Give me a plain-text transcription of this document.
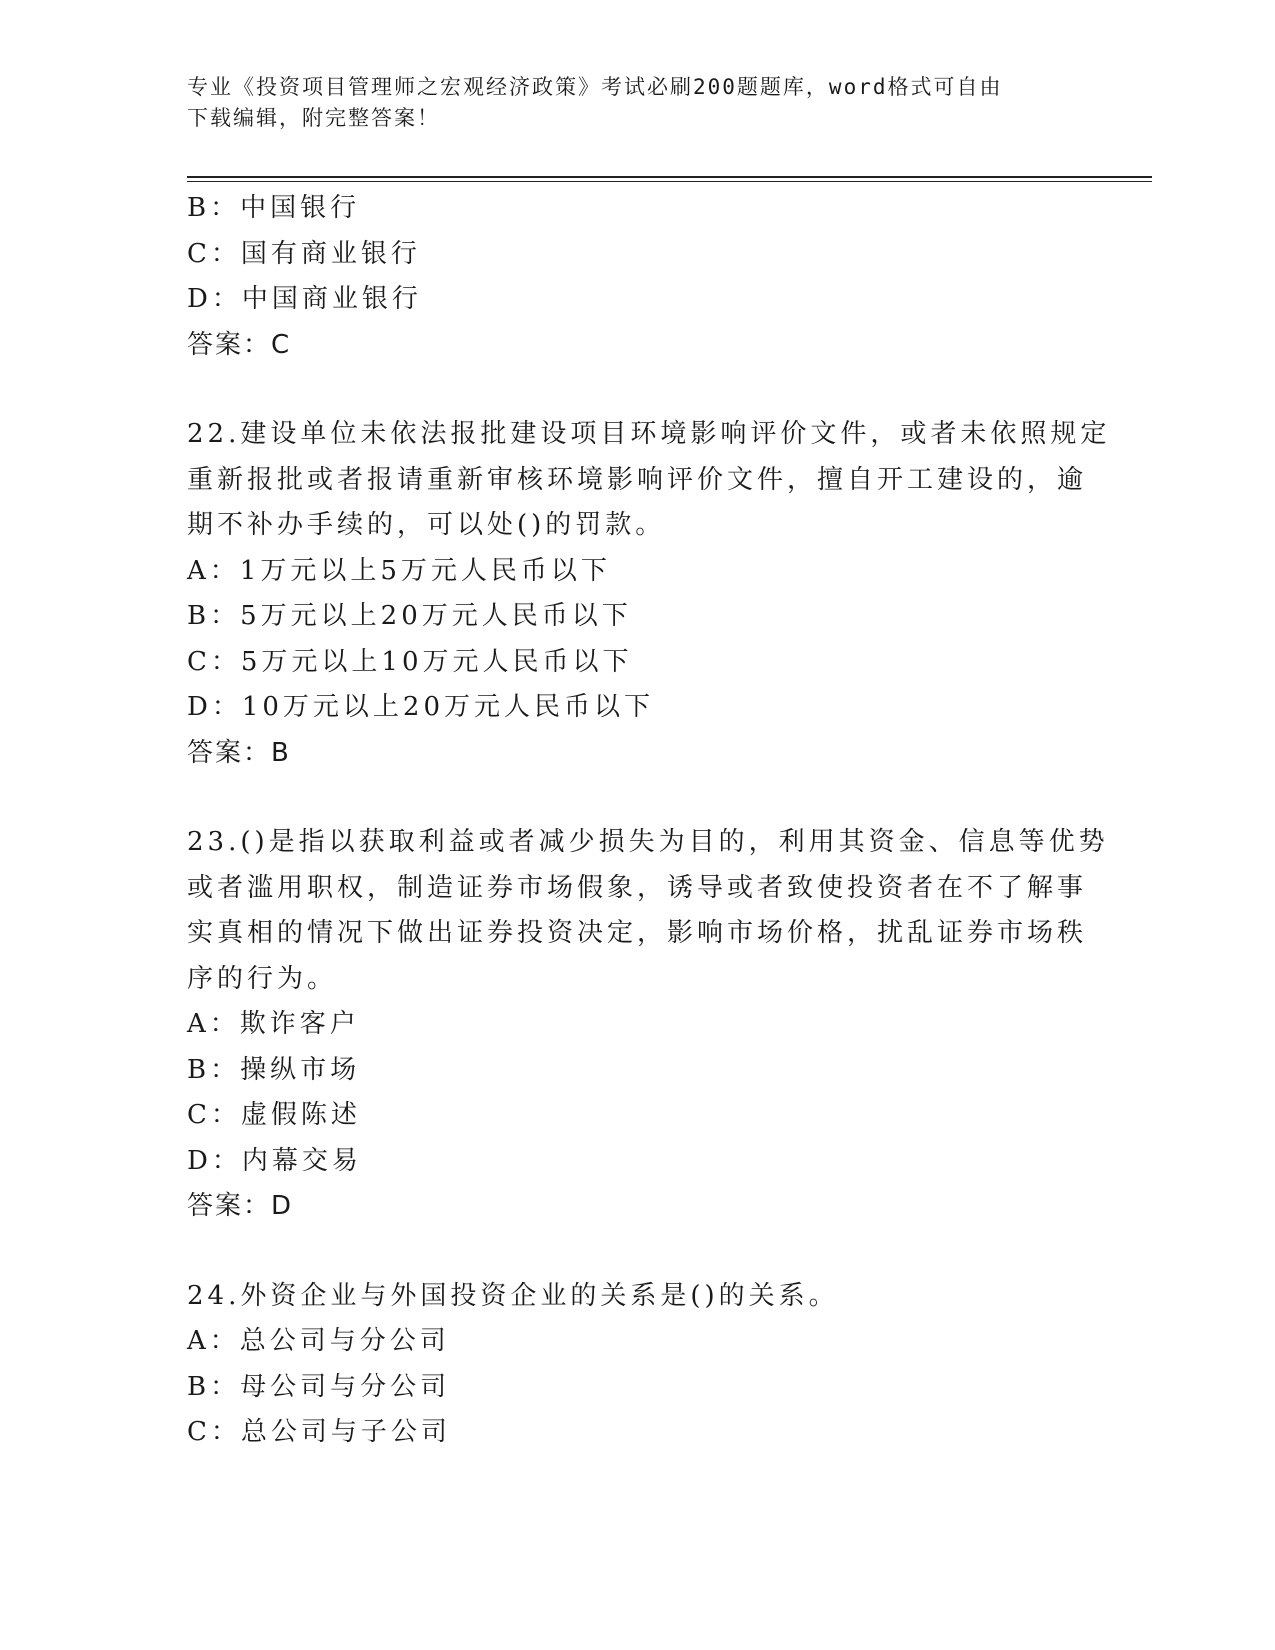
专业《投资项目管理师之宏观经济政策》考试必刷200题题库，word格式可自由
下载编辑，附完整答案！
B：中国银行
C：国有商业银行
D：中国商业银行
答案：C
22.建设单位未依法报批建设项目环境影响评价文件，或者未依照规定
重新报批或者报请重新审核环境影响评价文件，擅自开工建设的，逾
期不补办手续的，可以处()的罚款。
A：1万元以上5万元人民币以下
B：5万元以上20万元人民币以下
C：5万元以上10万元人民币以下
D：10万元以上20万元人民币以下
答案：B
23.()是指以获取利益或者减少损失为目的，利用其资金、信息等优势
或者滥用职权，制造证券市场假象，诱导或者致使投资者在不了解事
实真相的情况下做出证券投资决定，影响市场价格，扰乱证券市场秩
序的行为。
A：欺诈客户
B：操纵市场
C：虚假陈述
D：内幕交易
答案：D
24.外资企业与外国投资企业的关系是()的关系。
A：总公司与分公司
B：母公司与分公司
C：总公司与子公司
